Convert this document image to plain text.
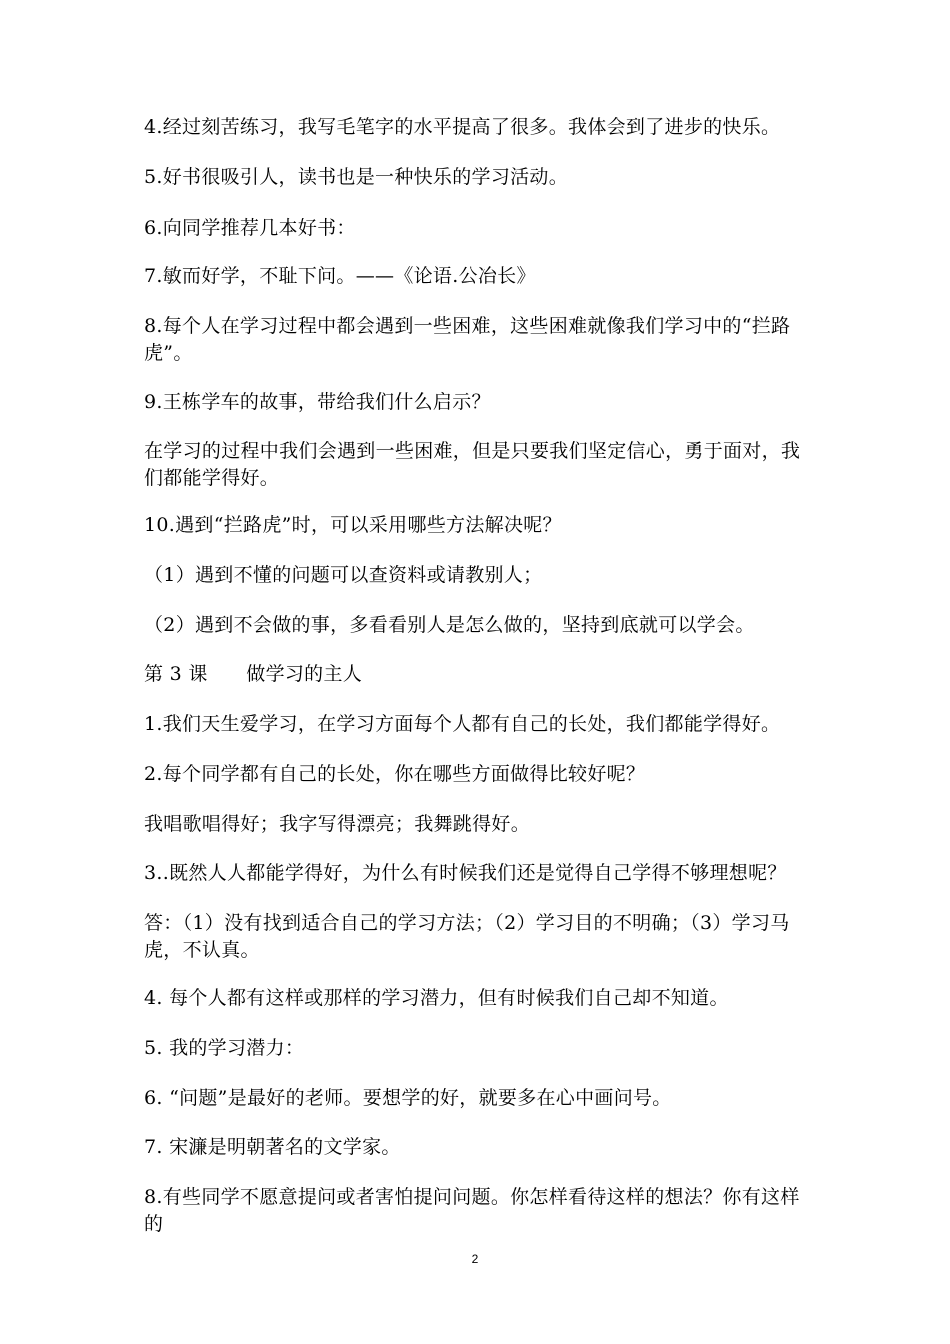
4.经过刻苦练习，我写毛笔字的水平提高了很多。我体会到了进步的快乐。

5.好书很吸引人，读书也是一种快乐的学习活动。

6.向同学推荐几本好书：

7.敏而好学，不耻下问。——《论语.公冶长》

8.每个人在学习过程中都会遇到一些困难，这些困难就像我们学习中的“拦路虎”。

9.王栋学车的故事，带给我们什么启示？

在学习的过程中我们会遇到一些困难，但是只要我们坚定信心，勇于面对，我们都能学得好。

10.遇到“拦路虎”时，可以采用哪些方法解决呢？

（1）遇到不懂的问题可以查资料或请教别人；

（2）遇到不会做的事，多看看别人是怎么做的，坚持到底就可以学会。

第 3 课　　做学习的主人

1.我们天生爱学习，在学习方面每个人都有自己的长处，我们都能学得好。

2.每个同学都有自己的长处，你在哪些方面做得比较好呢？

我唱歌唱得好；我字写得漂亮；我舞跳得好。

3..既然人人都能学得好，为什么有时候我们还是觉得自己学得不够理想呢？

答：（1）没有找到适合自己的学习方法；（2）学习目的不明确；（3）学习马虎，不认真。

4. 每个人都有这样或那样的学习潜力，但有时候我们自己却不知道。

5. 我的学习潜力：

6. “问题”是最好的老师。要想学的好，就要多在心中画问号。

7. 宋濂是明朝著名的文学家。

8.有些同学不愿意提问或者害怕提问问题。你怎样看待这样的想法？你有这样的

2
